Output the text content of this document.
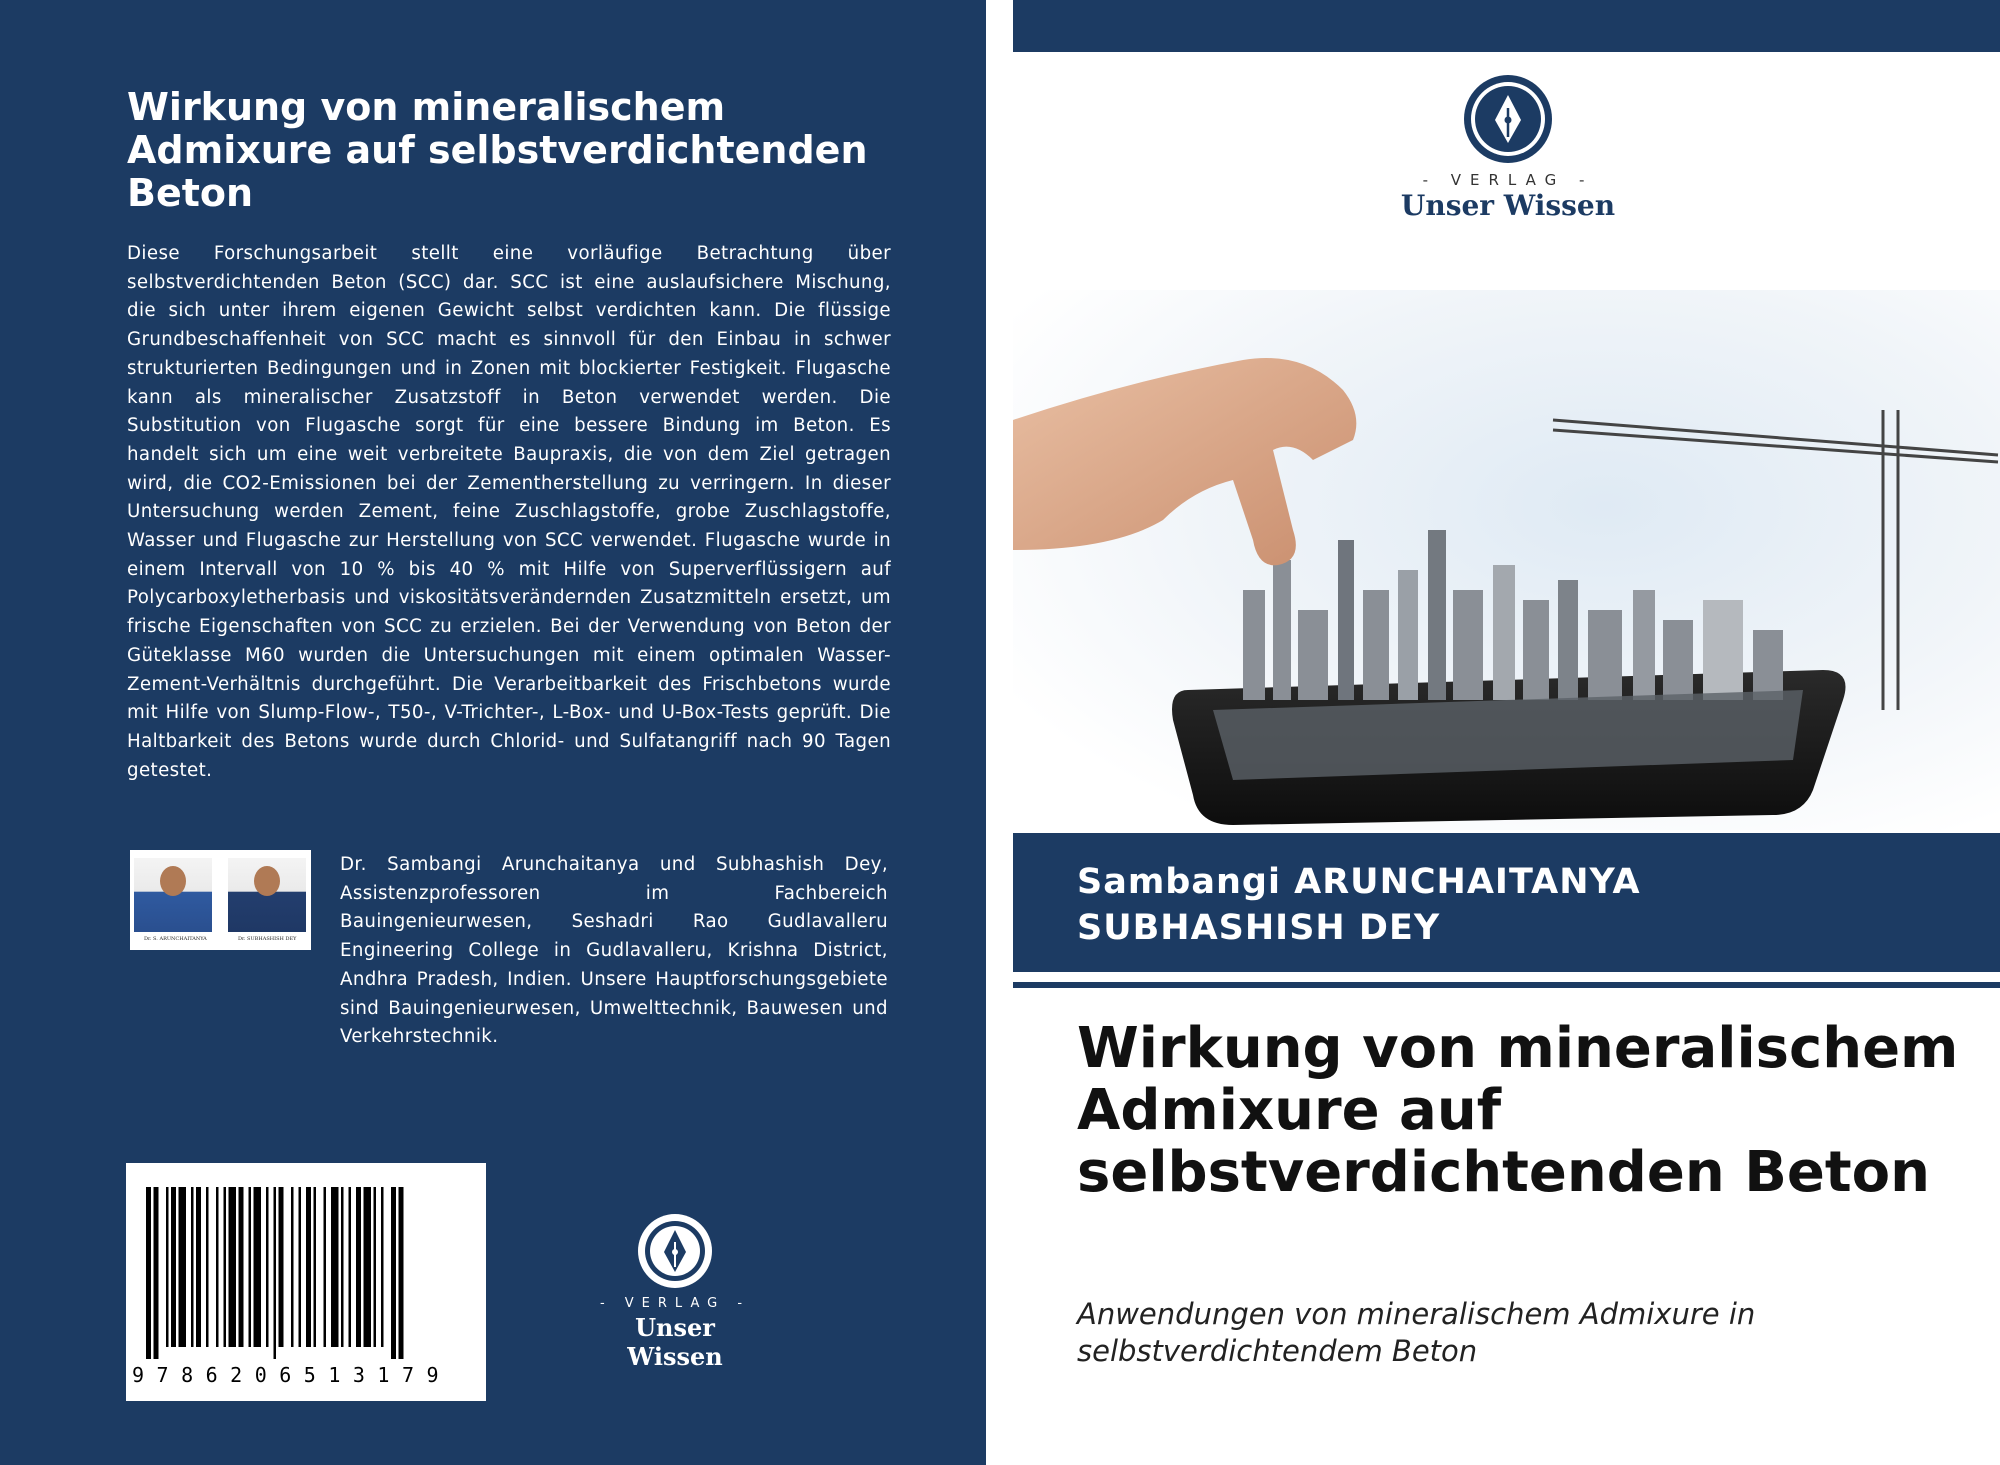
Wirkung von mineralischem Admixure auf selbstverdichtenden Beton

Diese Forschungsarbeit stellt eine vorläufige Betrachtung über selbstverdichtenden Beton (SCC) dar. SCC ist eine auslaufsichere Mischung, die sich unter ihrem eigenen Gewicht selbst verdichten kann. Die flüssige Grundbeschaffenheit von SCC macht es sinnvoll für den Einbau in schwer strukturierten Bedingungen und in Zonen mit blockierter Festigkeit. Flugasche kann als mineralischer Zusatzstoff in Beton verwendet werden. Die Substitution von Flugasche sorgt für eine bessere Bindung im Beton. Es handelt sich um eine weit verbreitete Baupraxis, die von dem Ziel getragen wird, die CO2-Emissionen bei der Zementherstellung zu verringern. In dieser Untersuchung werden Zement, feine Zuschlagstoffe, grobe Zuschlagstoffe, Wasser und Flugasche zur Herstellung von SCC verwendet. Flugasche wurde in einem Intervall von 10 % bis 40 % mit Hilfe von Superverflüssigern auf Polycarboxyletherbasis und viskositätsverändernden Zusatzmitteln ersetzt, um frische Eigenschaften von SCC zu erzielen. Bei der Verwendung von Beton der Güteklasse M60 wurden die Untersuchungen mit einem optimalen Wasser-Zement-Verhältnis durchgeführt. Die Verarbeitbarkeit des Frischbetons wurde mit Hilfe von Slump-Flow-, T50-, V-Trichter-, L-Box- und U-Box-Tests geprüft. Die Haltbarkeit des Betons wurde durch Chlorid- und Sulfatangriff nach 90 Tagen getestet.

Dr. S. ARUNCHAITANYA	Dr. SUBHASHISH DEY

Dr. Sambangi Arunchaitanya und Subhashish Dey, Assistenzprofessoren im Fachbereich Bauingenieurwesen, Seshadri Rao Gudlavalleru Engineering College in Gudlavalleru, Krishna District, Andhra Pradesh, Indien. Unsere Hauptforschungsgebiete sind Bauingenieurwesen, Umwelttechnik, Bauwesen und Verkehrstechnik.

9786206513179
- VERLAG -
Unser Wissen
- VERLAG -
Unser Wissen
Sambangi ARUNCHAITANYA
SUBHASHISH DEY
Wirkung von mineralischem Admixure auf selbstverdichtenden Beton

Anwendungen von mineralischem Admixure in selbstverdichtendem Beton
